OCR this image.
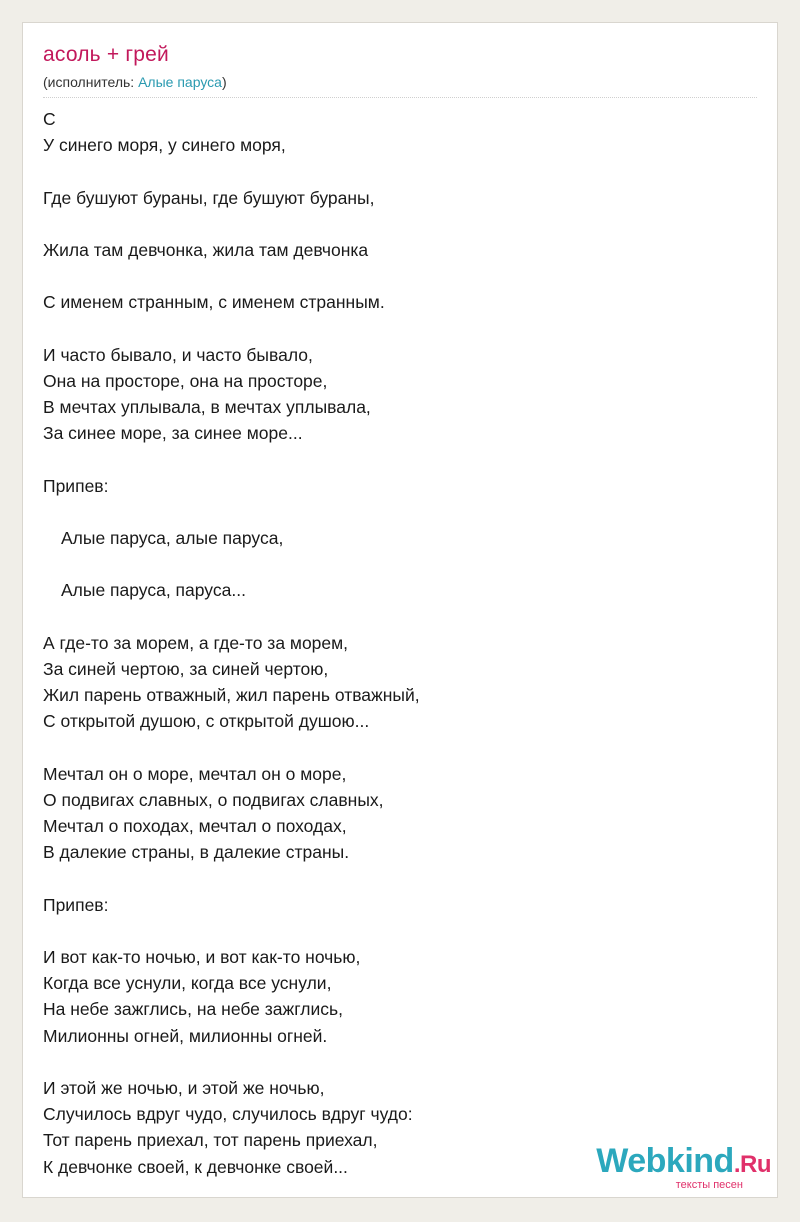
асоль + грей
(исполнитель: Алые паруса)
C
У синего моря, у синего моря,
Где бушуют бураны, где бушуют бураны,
Жила там девчонка, жила там девчонка
С именем странным, с именем странным.
И часто бывало, и часто бывало,
Она на просторе, она на просторе,
В мечтах уплывала, в мечтах уплывала,
За синее море, за синее море...
Припев:
Алые паруса, алые паруса,
Алые паруса, паруса...
А где-то за морем, а где-то за морем,
За синей чертою, за синей чертою,
Жил парень отважный, жил парень отважный,
С открытой душою, с открытой душою...
Мечтал он о море, мечтал он о море,
О подвигах славных, о подвигах славных,
Мечтал о походах, мечтал о походах,
В далекие страны, в далекие страны.
Припев:
И вот как-то ночью, и вот как-то ночью,
Когда все уснули, когда все уснули,
На небе зажглись, на небе зажглись,
Милионны огней, милионны огней.
И этой же ночью, и этой же ночью,
Случилось вдруг чудо, случилось вдруг чудо:
Тот парень приехал, тот парень приехал,
К девчонке своей, к девчонке своей...	Webkind.Ru
тексты песен
